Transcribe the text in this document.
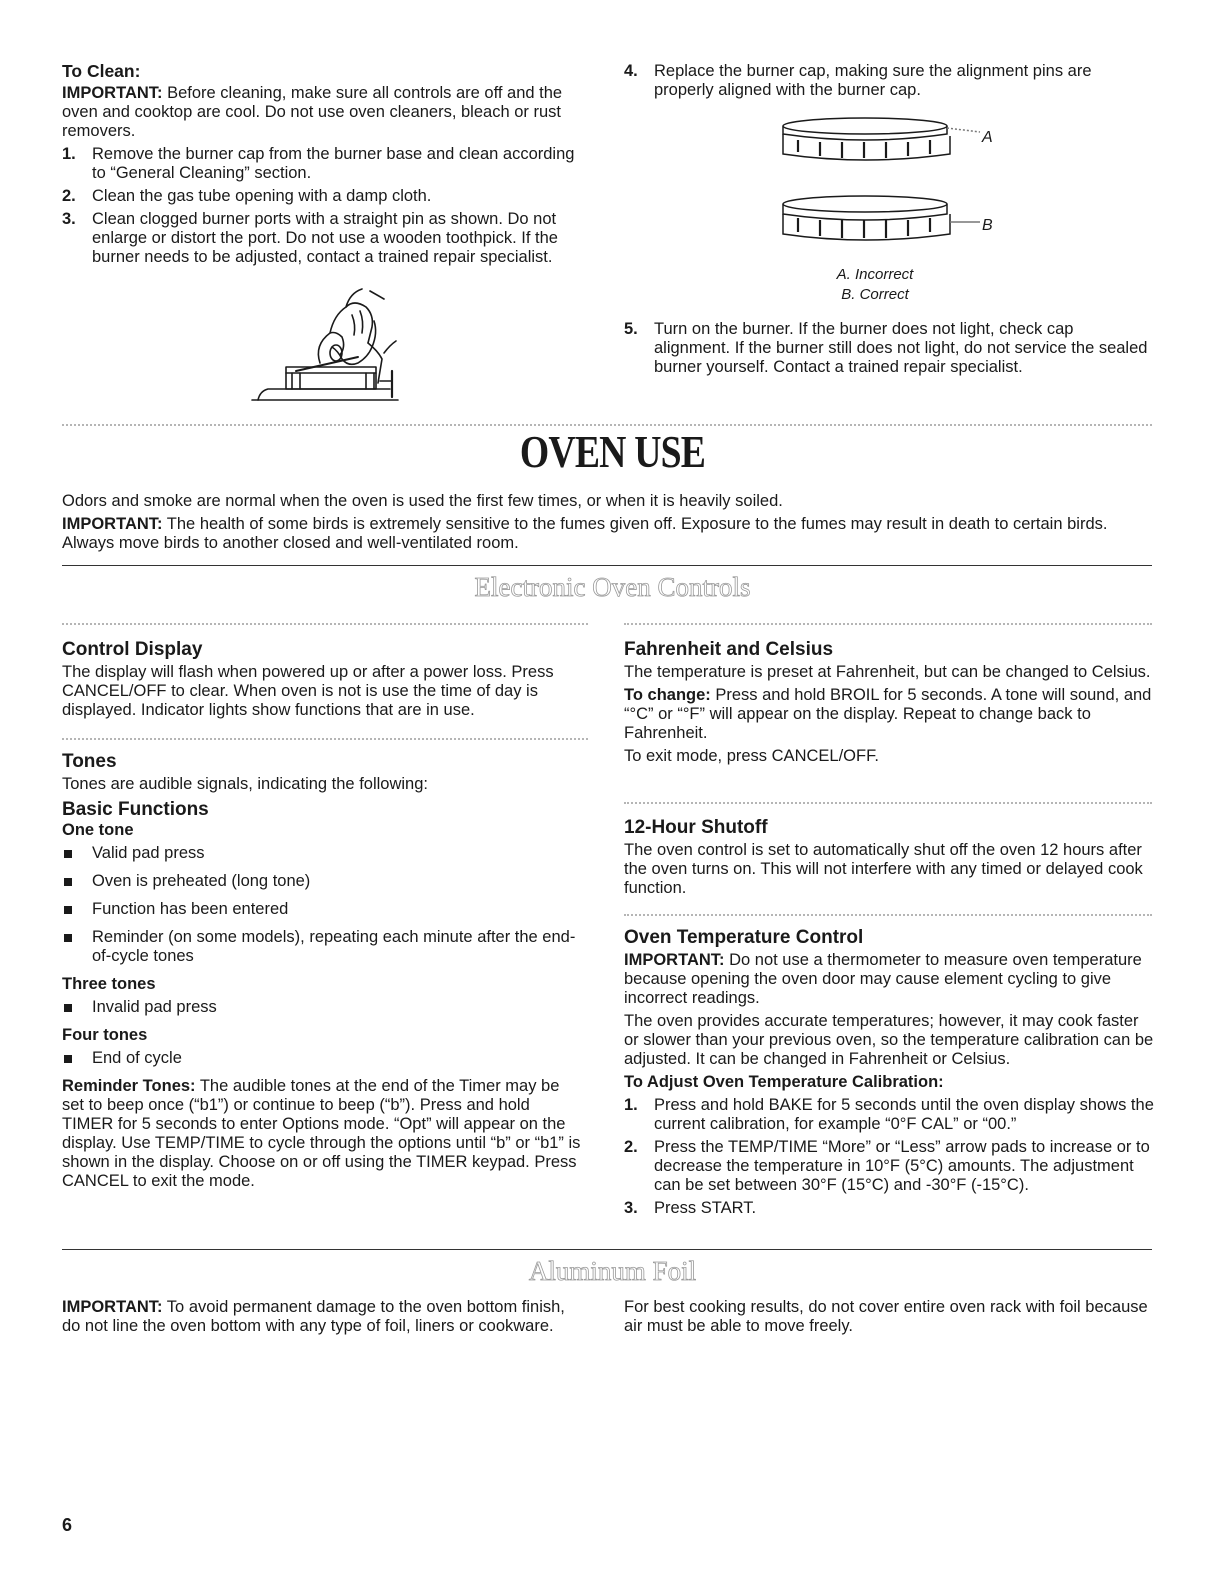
To Clean:

IMPORTANT: Before cleaning, make sure all controls are off and the oven and cooktop are cool. Do not use oven cleaners, bleach or rust removers.

1. Remove the burner cap from the burner base and clean according to “General Cleaning” section.
2. Clean the gas tube opening with a damp cloth.
3. Clean clogged burner ports with a straight pin as shown. Do not enlarge or distort the port. Do not use a wooden toothpick. If the burner needs to be adjusted, contact a trained repair specialist.
4. Replace the burner cap, making sure the alignment pins are properly aligned with the burner cap.
A
B

A. Incorrect

B. Correct

5. Turn on the burner. If the burner does not light, check cap alignment. If the burner still does not light, do not service the sealed burner yourself. Contact a trained repair specialist.
OVEN USE

Odors and smoke are normal when the oven is used the first few times, or when it is heavily soiled.

IMPORTANT: The health of some birds is extremely sensitive to the fumes given off. Exposure to the fumes may result in death to certain birds. Always move birds to another closed and well-ventilated room.

Electronic Oven Controls

Control Display

The display will flash when powered up or after a power loss. Press CANCEL/OFF to clear. When oven is not is use the time of day is displayed. Indicator lights show functions that are in use.

Tones

Tones are audible signals, indicating the following:

Basic Functions

One tone

Valid pad press
Oven is preheated (long tone)
Function has been entered
Reminder (on some models), repeating each minute after the end-of-cycle tones

Three tones

Invalid pad press

Four tones

End of cycle

Reminder Tones: The audible tones at the end of the Timer may be set to beep once (“b1”) or continue to beep (“b”). Press and hold TIMER for 5 seconds to enter Options mode. “Opt” will appear on the display. Use TEMP/TIME to cycle through the options until “b” or “b1” is shown in the display. Choose on or off using the TIMER keypad. Press CANCEL to exit the mode.

Fahrenheit and Celsius

The temperature is preset at Fahrenheit, but can be changed to Celsius.

To change: Press and hold BROIL for 5 seconds. A tone will sound, and “°C” or “°F” will appear on the display. Repeat to change back to Fahrenheit.

To exit mode, press CANCEL/OFF.

12-Hour Shutoff

The oven control is set to automatically shut off the oven 12 hours after the oven turns on. This will not interfere with any timed or delayed cook function.

Oven Temperature Control

IMPORTANT: Do not use a thermometer to measure oven temperature because opening the oven door may cause element cycling to give incorrect readings.

The oven provides accurate temperatures; however, it may cook faster or slower than your previous oven, so the temperature calibration can be adjusted. It can be changed in Fahrenheit or Celsius.

To Adjust Oven Temperature Calibration:

1. Press and hold BAKE for 5 seconds until the oven display shows the current calibration, for example “0°F CAL” or “00.”
2. Press the TEMP/TIME “More” or “Less” arrow pads to increase or to decrease the temperature in 10°F (5°C) amounts. The adjustment can be set between 30°F (15°C) and -30°F (-15°C).
3. Press START.
Aluminum Foil

IMPORTANT: To avoid permanent damage to the oven bottom finish, do not line the oven bottom with any type of foil, liners or cookware.

For best cooking results, do not cover entire oven rack with foil because air must be able to move freely.

6
